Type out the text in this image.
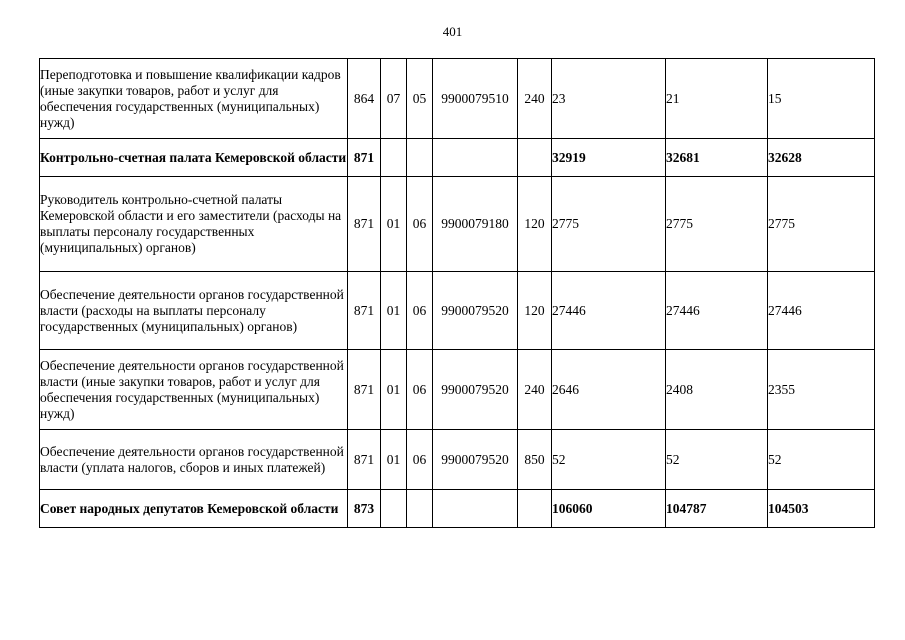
401
Переподготовка и повышение квалификации кадров (иные закупки товаров, работ и услуг для обеспечения государственных (муниципальных) нужд)	864	07	05	9900079510	240	23	21	15
Контрольно-счетная палата Кемеровской области	871					32919	32681	32628
Руководитель контрольно-счетной палаты Кемеровской области и его заместители (расходы на выплаты персоналу государственных (муниципальных) органов)	871	01	06	9900079180	120	2775	2775	2775
Обеспечение деятельности органов государственной власти (расходы на выплаты персоналу государственных (муниципальных) органов)	871	01	06	9900079520	120	27446	27446	27446
Обеспечение деятельности органов государственной власти (иные закупки товаров, работ и услуг для обеспечения государственных (муниципальных) нужд)	871	01	06	9900079520	240	2646	2408	2355
Обеспечение деятельности органов государственной власти (уплата налогов, сборов и иных платежей)	871	01	06	9900079520	850	52	52	52
Совет народных депутатов Кемеровской области	873					106060	104787	104503
